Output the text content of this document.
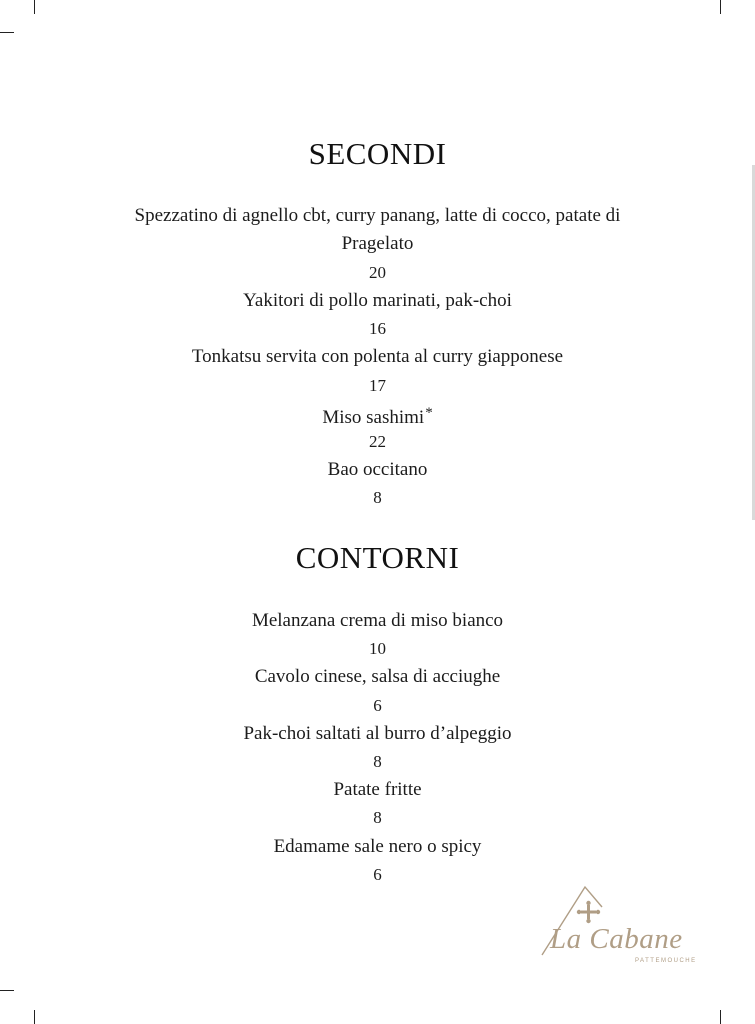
SECONDI
Spezzatino di agnello cbt, curry panang, latte di cocco, patate di
Pragelato
20
Yakitori di pollo marinati, pak-choi
16
Tonkatsu servita con polenta al curry giapponese
17
Miso sashimi*
22
Bao occitano
8
CONTORNI
Melanzana crema di miso bianco
10
Cavolo cinese, salsa di acciughe
6
Pak-choi saltati al burro d’alpeggio
8
Patate fritte
8
Edamame sale nero o spicy
6
La Cabane
PATTEMOUCHE
